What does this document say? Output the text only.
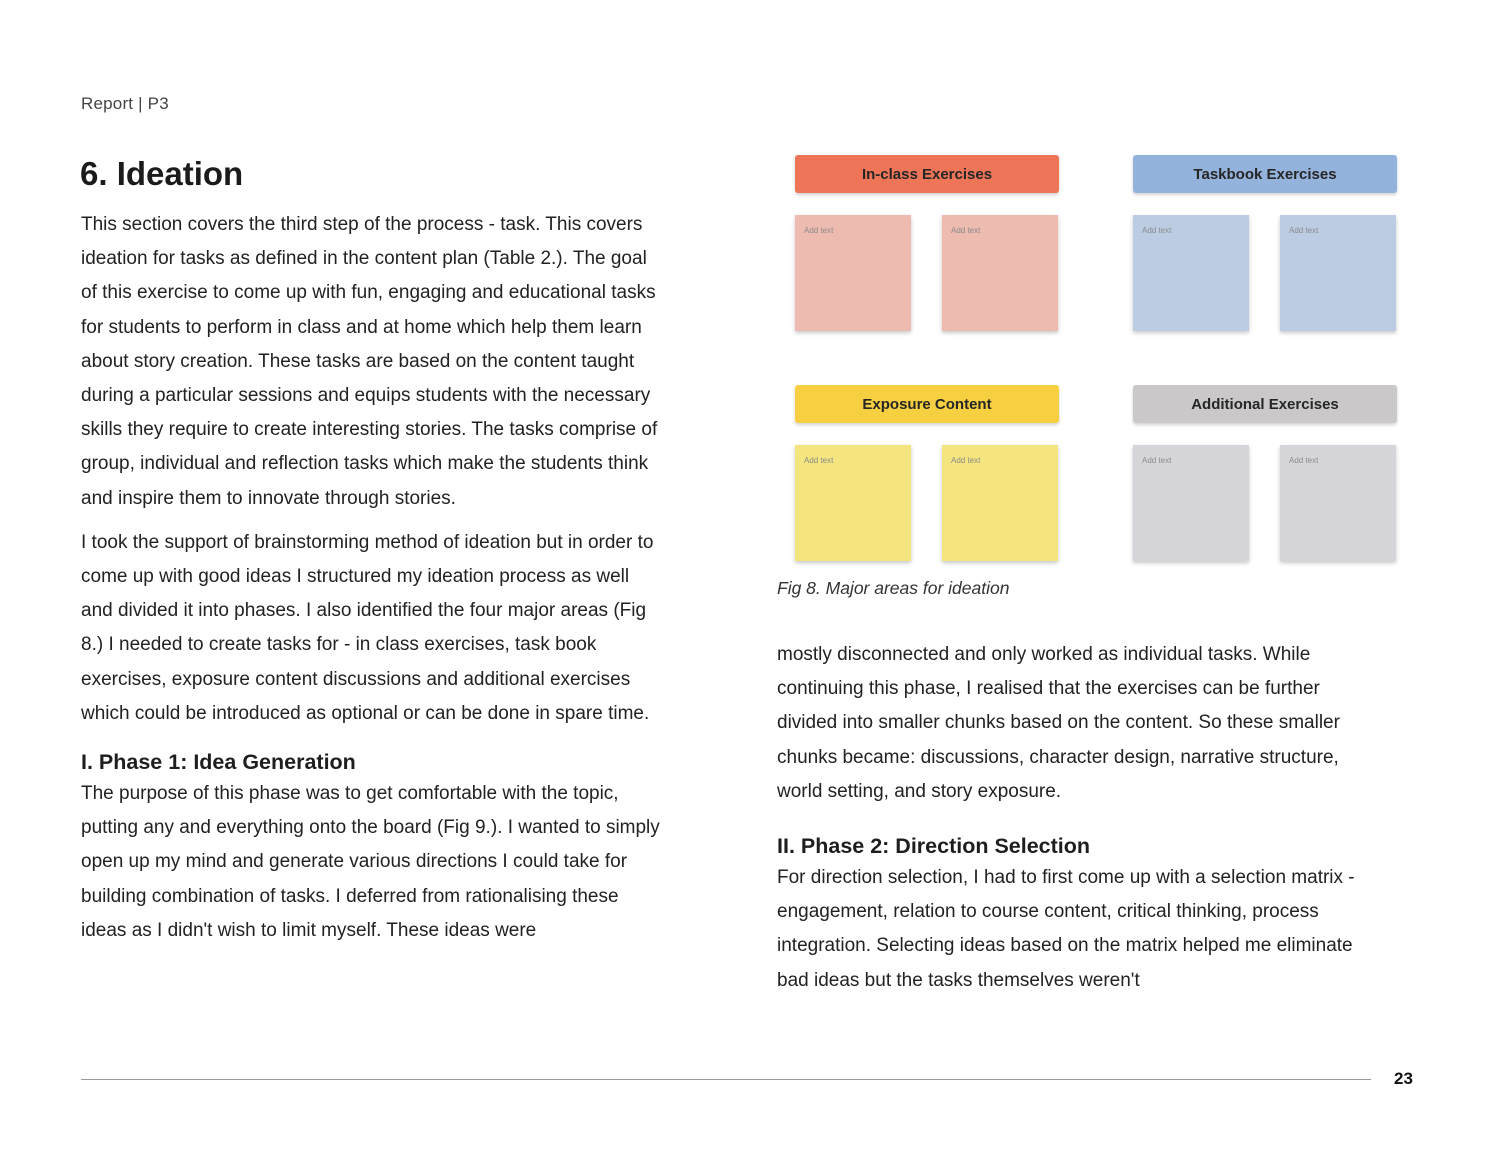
Report | P3
6. Ideation

This section covers the third step of the process - task. This covers ideation for tasks as defined in the content plan (Table 2.). The goal of this exercise to come up with fun, engaging and educational tasks for students to perform in class and at home which help them learn about story creation. These tasks are based on the content taught during a particular sessions and equips students with the necessary skills they require to create interesting stories. The tasks comprise of group, individual and reflection tasks which make the students think and inspire them to innovate through stories.

I took the support of brainstorming method of ideation but in order to come up with good ideas I structured my ideation process as well and divided it into phases. I also identified the four major areas (Fig 8.) I needed to create tasks for - in class exercises, task book exercises, exposure content discussions and additional exercises which could be introduced as optional or can be done in spare time.

I. Phase 1: Idea Generation

The purpose of this phase was to get comfortable with the topic, putting any and everything onto the board (Fig 9.). I wanted to simply open up my mind and generate various directions I could take for building combination of tasks. I deferred from rationalising these ideas as I didn't wish to limit myself. These ideas were

In-class Exercises
Add text	Add text
Taskbook Exercises
Add text	Add text
Exposure Content
Add text	Add text
Additional Exercises
Add text	Add text
Fig 8. Major areas for ideation

mostly disconnected and only worked as individual tasks. While continuing this phase, I realised that the exercises can be further divided into smaller chunks based on the content. So these smaller chunks became: discussions, character design, narrative structure, world setting, and story exposure.

II. Phase 2: Direction Selection

For direction selection, I had to first come up with a selection matrix - engagement, relation to course content, critical thinking, process integration. Selecting ideas based on the matrix helped me eliminate bad ideas but the tasks themselves weren't

23
